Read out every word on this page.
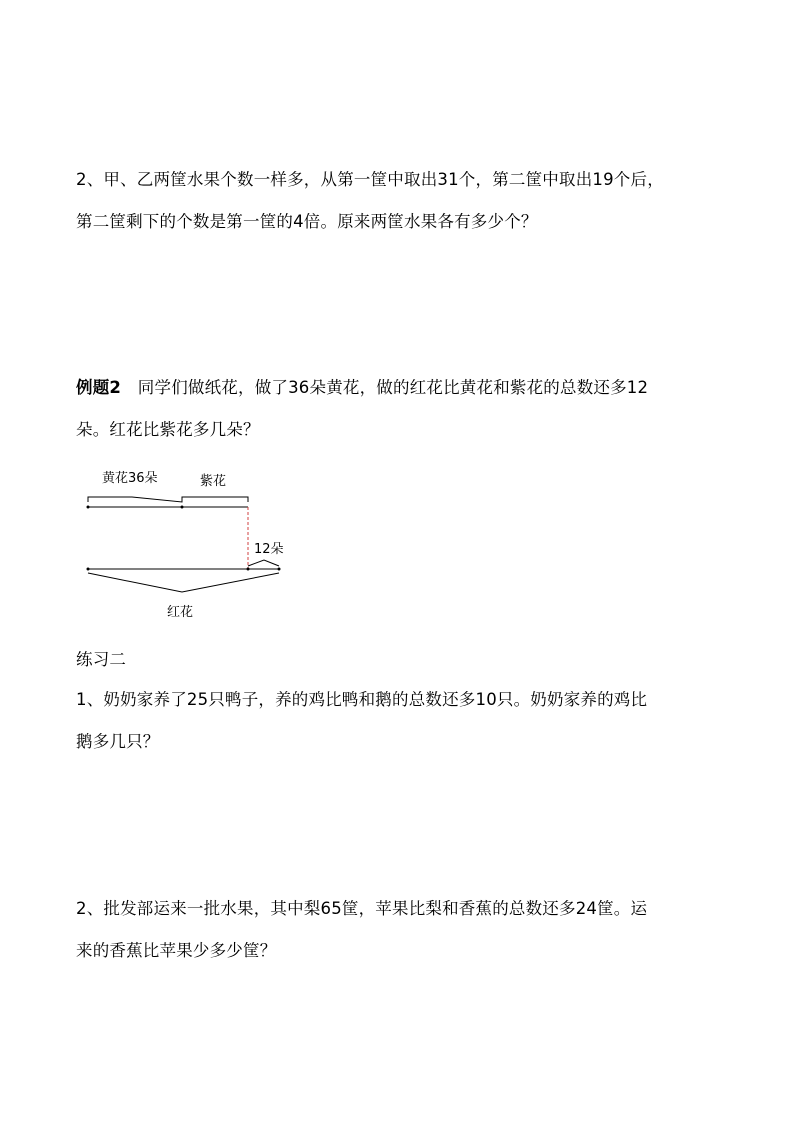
2、甲、乙两筐水果个数一样多，从第一筐中取出31个，第二筐中取出19个后，
第二筐剩下的个数是第一筐的4倍。原来两筐水果各有多少个？
例题2　同学们做纸花，做了36朵黄花，做的红花比黄花和紫花的总数还多12
朵。红花比紫花多几朵？
黄花36朵	紫花
12朵
红花
练习二
1、奶奶家养了25只鸭子，养的鸡比鸭和鹅的总数还多10只。奶奶家养的鸡比
鹅多几只？
2、批发部运来一批水果，其中梨65筐，苹果比梨和香蕉的总数还多24筐。运
来的香蕉比苹果少多少筐？
